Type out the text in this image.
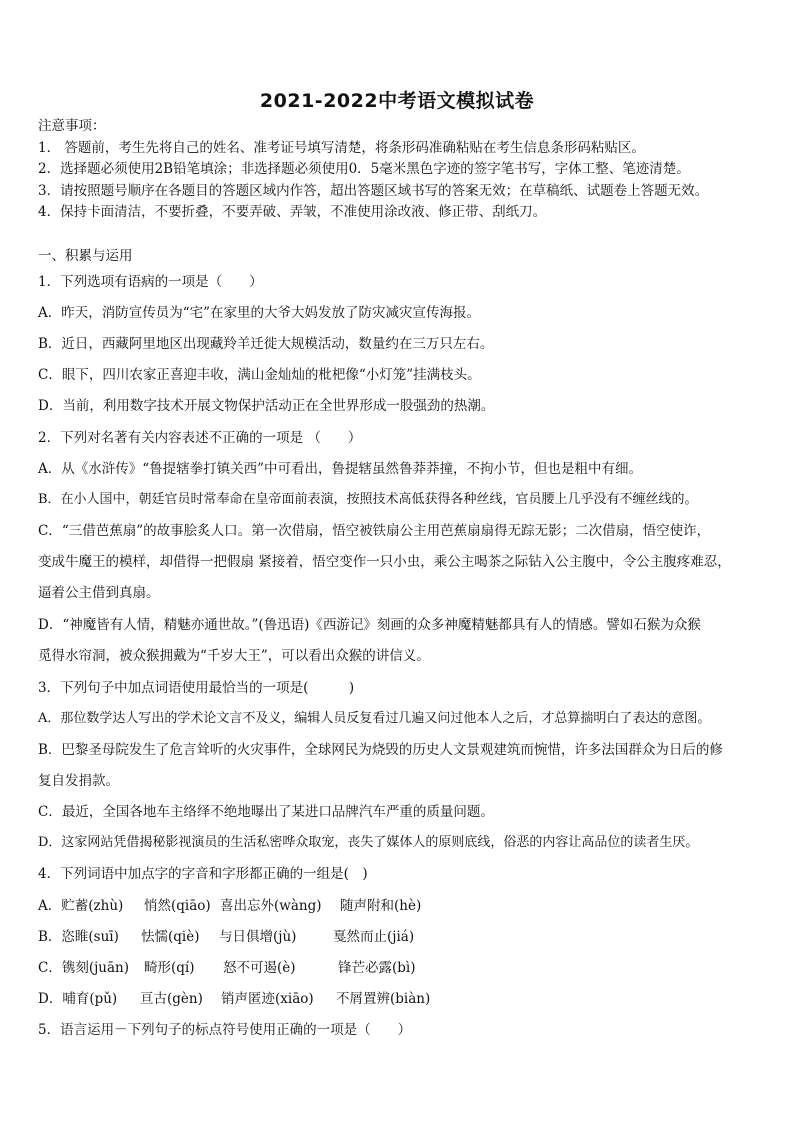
2021-2022中考语文模拟试卷
注意事项：
1． 答题前，考生先将自己的姓名、准考证号填写清楚，将条形码准确粘贴在考生信息条形码粘贴区。
2．选择题必须使用2B铅笔填涂；非选择题必须使用0．5毫米黑色字迹的签字笔书写，字体工整、笔迹清楚。
3．请按照题号顺序在各题目的答题区域内作答，超出答题区域书写的答案无效；在草稿纸、试题卷上答题无效。
4．保持卡面清洁，不要折叠，不要弄破、弄皱，不准使用涂改液、修正带、刮纸刀。
一、积累与运用
1．下列选项有语病的一项是（　　）
A．昨天，消防宣传员为“宅”在家里的大爷大妈发放了防灾减灾宣传海报。
B．近日，西藏阿里地区出现藏羚羊迁徙大规模活动，数量约在三万只左右。
C．眼下，四川农家正喜迎丰收，满山金灿灿的枇杷像“小灯笼”挂满枝头。
D．当前，利用数字技术开展文物保护活动正在全世界形成一股强劲的热潮。
2．下列对名著有关内容表述不正确的一项是 （　　）
A．从《水浒传》“鲁提辖拳打镇关西”中可看出，鲁提辖虽然鲁莽莽撞，不拘小节，但也是粗中有细。
B．在小人国中，朝廷官员时常奉命在皇帝面前表演，按照技术高低获得各种丝线，官员腰上几乎没有不缠丝线的。
C．“三借芭蕉扇”的故事脍炙人口。第一次借扇，悟空被铁扇公主用芭蕉扇扇得无踪无影；二次借扇，悟空使诈，
变成牛魔王的模样，却借得一把假扇 紧接着，悟空变作一只小虫，乘公主喝茶之际钻入公主腹中，令公主腹疼难忍，
逼着公主借到真扇。
D．“神魔皆有人情，精魅亦通世故。”(鲁迅语)《西游记》刻画的众多神魔精魅都具有人的情感。譬如石猴为众猴
觅得水帘洞，被众猴拥戴为“千岁大王”，可以看出众猴的讲信义。
3．下列句子中加点词语使用最恰当的一项是(　　　)
A．那位数学达人写出的学术论文言不及义，编辑人员反复看过几遍又问过他本人之后，才总算揣明白了表达的意图。
B．巴黎圣母院发生了危言耸听的火灾事件，全球网民为烧毁的历史人文景观建筑而惋惜，许多法国群众为日后的修
复自发捐款。
C．最近，全国各地车主络绎不绝地曝出了某进口品牌汽车严重的质量问题。
D．这家网站凭借揭秘影视演员的生活私密哗众取宠，丧失了媒体人的原则底线，俗恶的内容让高品位的读者生厌。
4．下列词语中加点字的字音和字形都正确的一组是(　)
A．贮蓄(zhù) 悄然(qiāo) 喜出忘外(wàng) 随声附和(hè)
B．恣睢(suī) 怯懦(qiè) 与日俱增(jù)	戛然而止(jiá)
C．镌刻(juān) 畸形(qí) 怒不可遏(è)	锋芒必露(bì)
D．哺育(pǔ) 亘古(gèn) 销声匿迹(xiāo) 不屑置辨(biàn)
5．语言运用－下列句子的标点符号使用正确的一项是（　　）
